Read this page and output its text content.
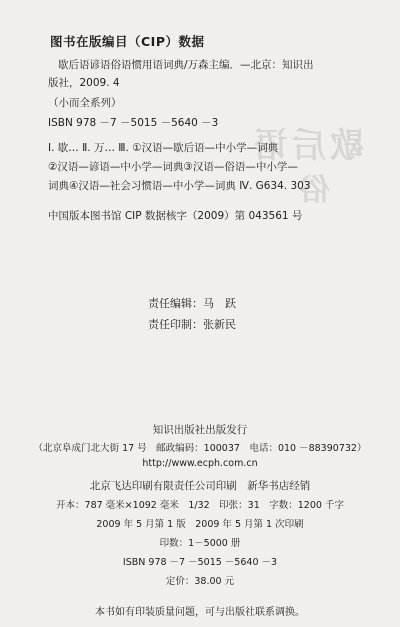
歇后语
俗
图书在版编目（CIP）数据
歇后语谚语俗语惯用语词典/万森主编．—北京：知识出
版社，2009. 4
（小而全系列）
ISBN 978 －7 －5015 －5640 －3
Ⅰ. 歇… Ⅱ. 万… Ⅲ. ①汉语—歇后语—中小学—词典
②汉语—谚语—中小学—词典③汉语—俗语—中小学—
词典④汉语—社会习惯语—中小学—词典 Ⅳ. G634. 303
中国版本图书馆 CIP 数据核字（2009）第 043561 号
责任编辑：马　跃
责任印制：张新民
知识出版社出版发行
（北京阜成门北大街 17 号　邮政编码：100037　电话：010 －88390732）
http://www.ecph.com.cn
北京飞达印刷有限责任公司印刷　新华书店经销
开本：787 毫米×1092 毫米　1/32　印张：31　字数：1200 千字
2009 年 5 月第 1 版　2009 年 5 月第 1 次印刷
印数：1－5000 册
ISBN 978 －7 －5015 －5640 －3
定价：38.00 元
本书如有印装质量问题，可与出版社联系调换。
